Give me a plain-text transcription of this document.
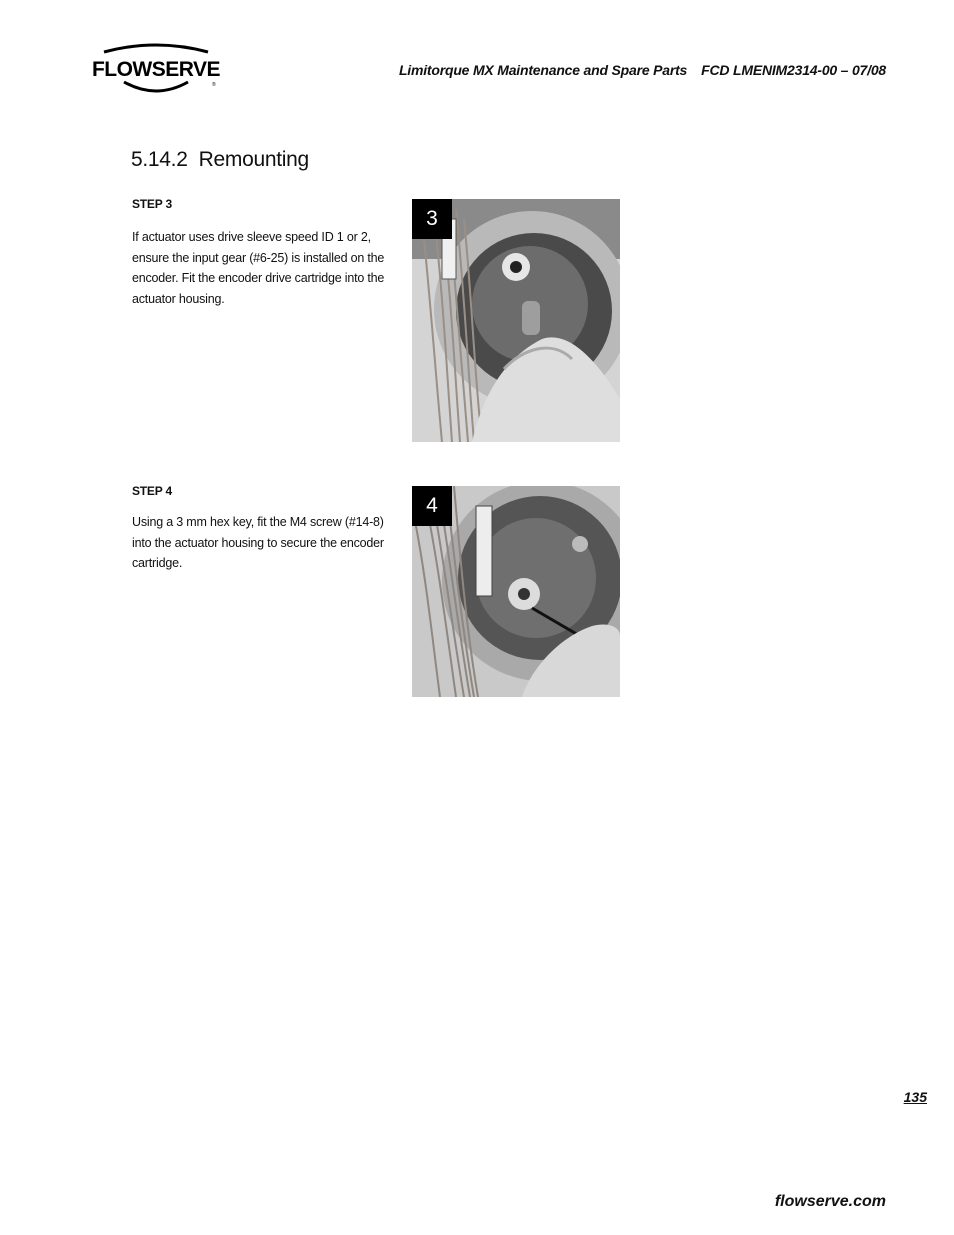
FLOWSERVE
®
Limitorque MX Maintenance and Spare Parts FCD LMENIM2314-00 – 07/08
5.14.2  Remounting
STEP 3
If actuator uses drive sleeve speed ID 1 or 2, ensure the input gear (#6-25) is installed on the encoder. Fit the encoder drive cartridge into the actuator housing.
3
STEP 4
Using a 3 mm hex key, fit the M4 screw (#14-8) into the actuator housing to secure the encoder cartridge.
4
135
flowserve.com
